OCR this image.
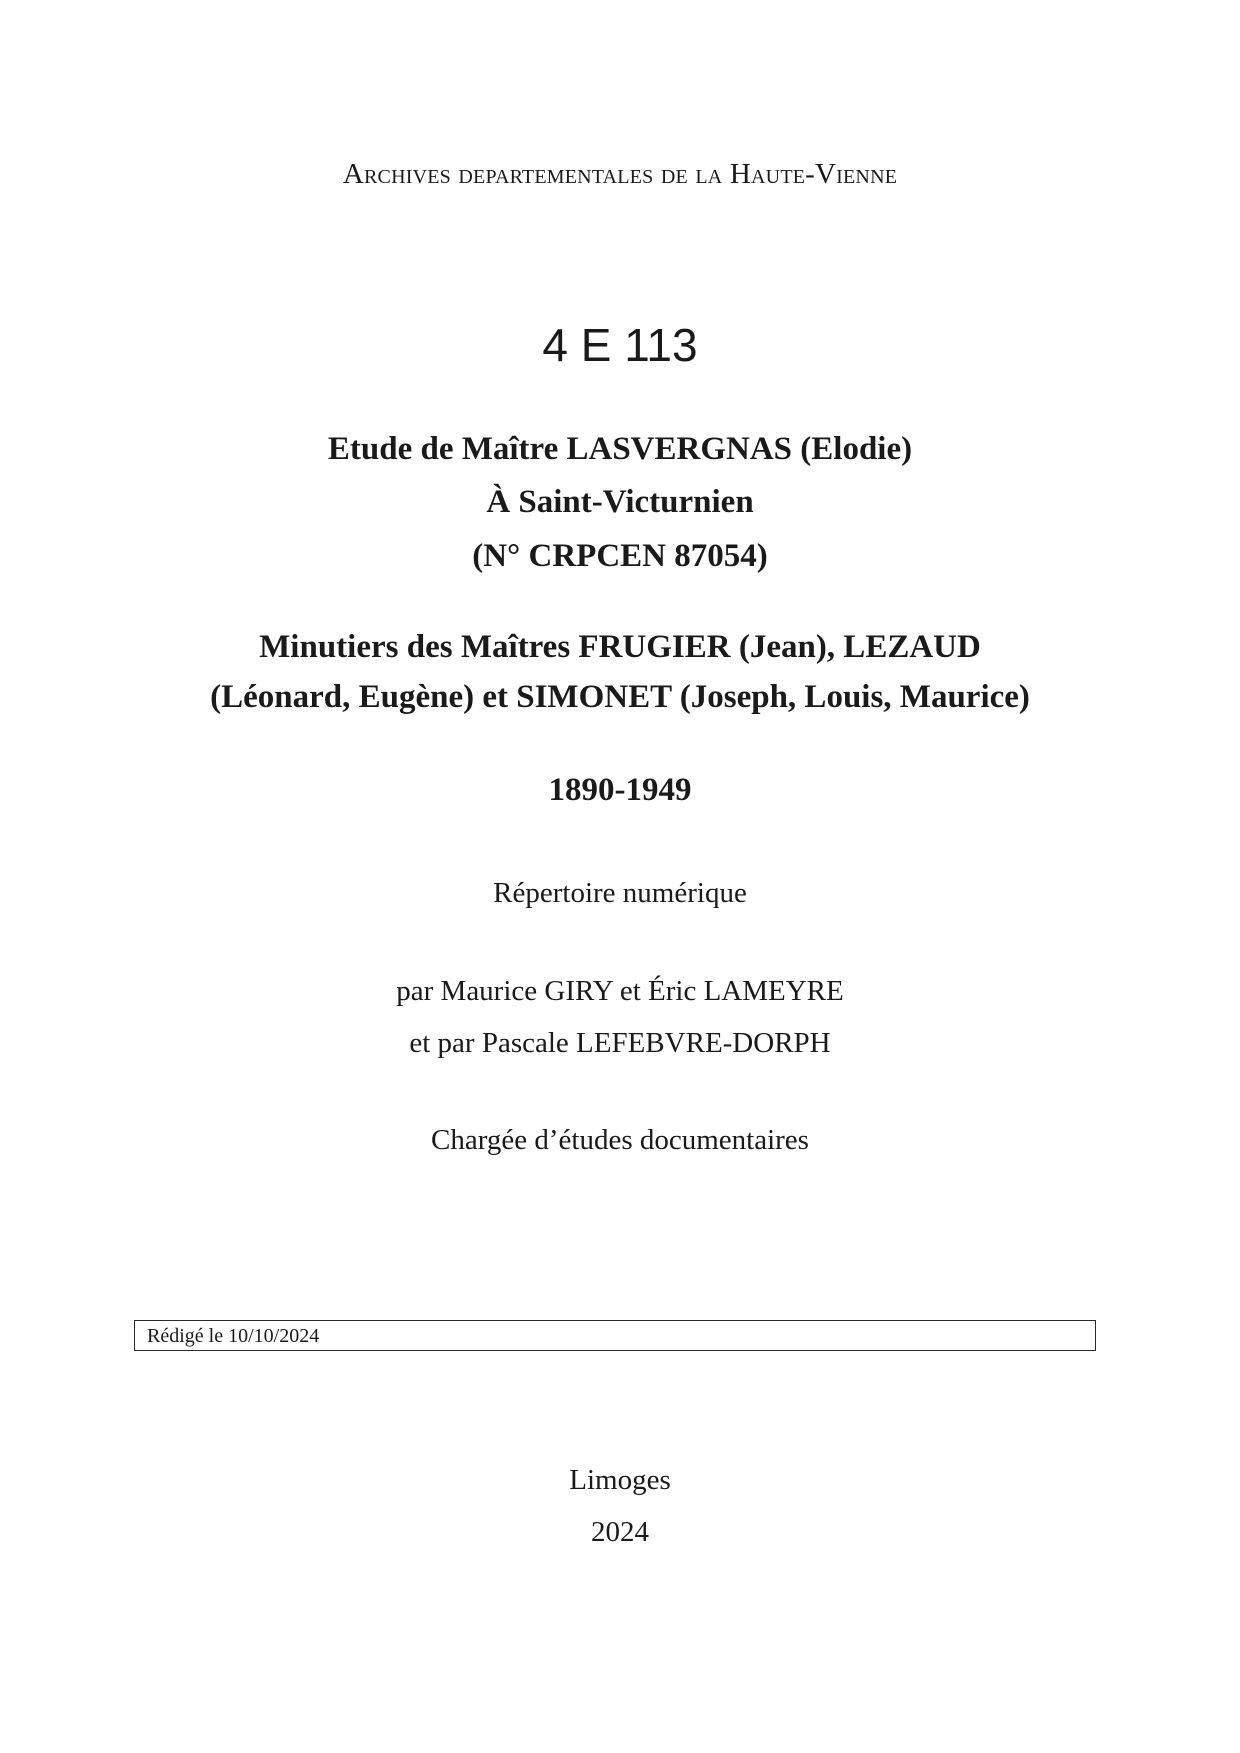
Archives departementales de la Haute-Vienne
4 E 113
Etude de Maître LASVERGNAS (Elodie)
À Saint-Victurnien
(N° CRPCEN 87054)
Minutiers des Maîtres FRUGIER (Jean), LEZAUD
(Léonard, Eugène) et SIMONET (Joseph, Louis, Maurice)
1890-1949
Répertoire numérique
par Maurice GIRY et Éric LAMEYRE
et par Pascale LEFEBVRE-DORPH
Chargée d’études documentaires
Rédigé le 10/10/2024
Limoges
2024
